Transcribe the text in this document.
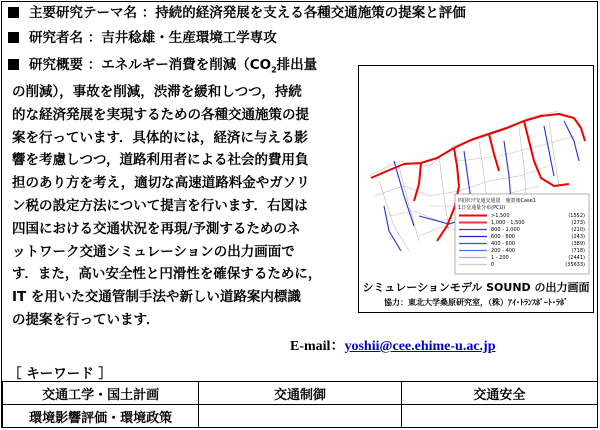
主要研究テーマ名 ：持続的経済発展を支える各種交通施策の提案と評価
研究者名 ：吉井稔雄・生産環境工学専攻
研究概要 ：エネルギー消費を削減（$CO_2$排出量

の削減），事故を削減，渋滞を緩和しつつ，持続

的な経済発展を実現するための各種交通施策の提

案を行っています．具体的には，経済に与える影

響を考慮しつつ，道路利用者による社会的費用負

担のあり方を考え，適切な高速道路料金やガソリ

ン税の設定方法について提言を行います．右図は

四国における交通状況を再現/予測するためのネ

ットワーク交通シミュレーションの出力画面で

す．また，高い安全性と円滑性を確保するために，

IT を用いた交通管制手法や新しい道路案内標識

の提案を行っています．

四国ﾘﾝｸ交通交通量　施策後Case1
1日交通量分布(PCU)
>1,500	(1552)
1,000 - 1,500	(273)
800 - 1,000	(210)
600 - 800	(243)
400 - 600	(389)
200 - 400	(718)
1 - 200	(2441)
0	(35633)
シミュレーションモデル SOUND の出力画面
協力：東北大学桑原研究室，（株）ｱｲ･ﾄﾗﾝｽﾎﾟｰﾄ･ﾗﾎﾞ
E-mail：yoshii@cee.ehime-u.ac.jp
［ キーワード ］
交通工学・国土計画	交通制御	交通安全
環境影響評価・環境政策		
